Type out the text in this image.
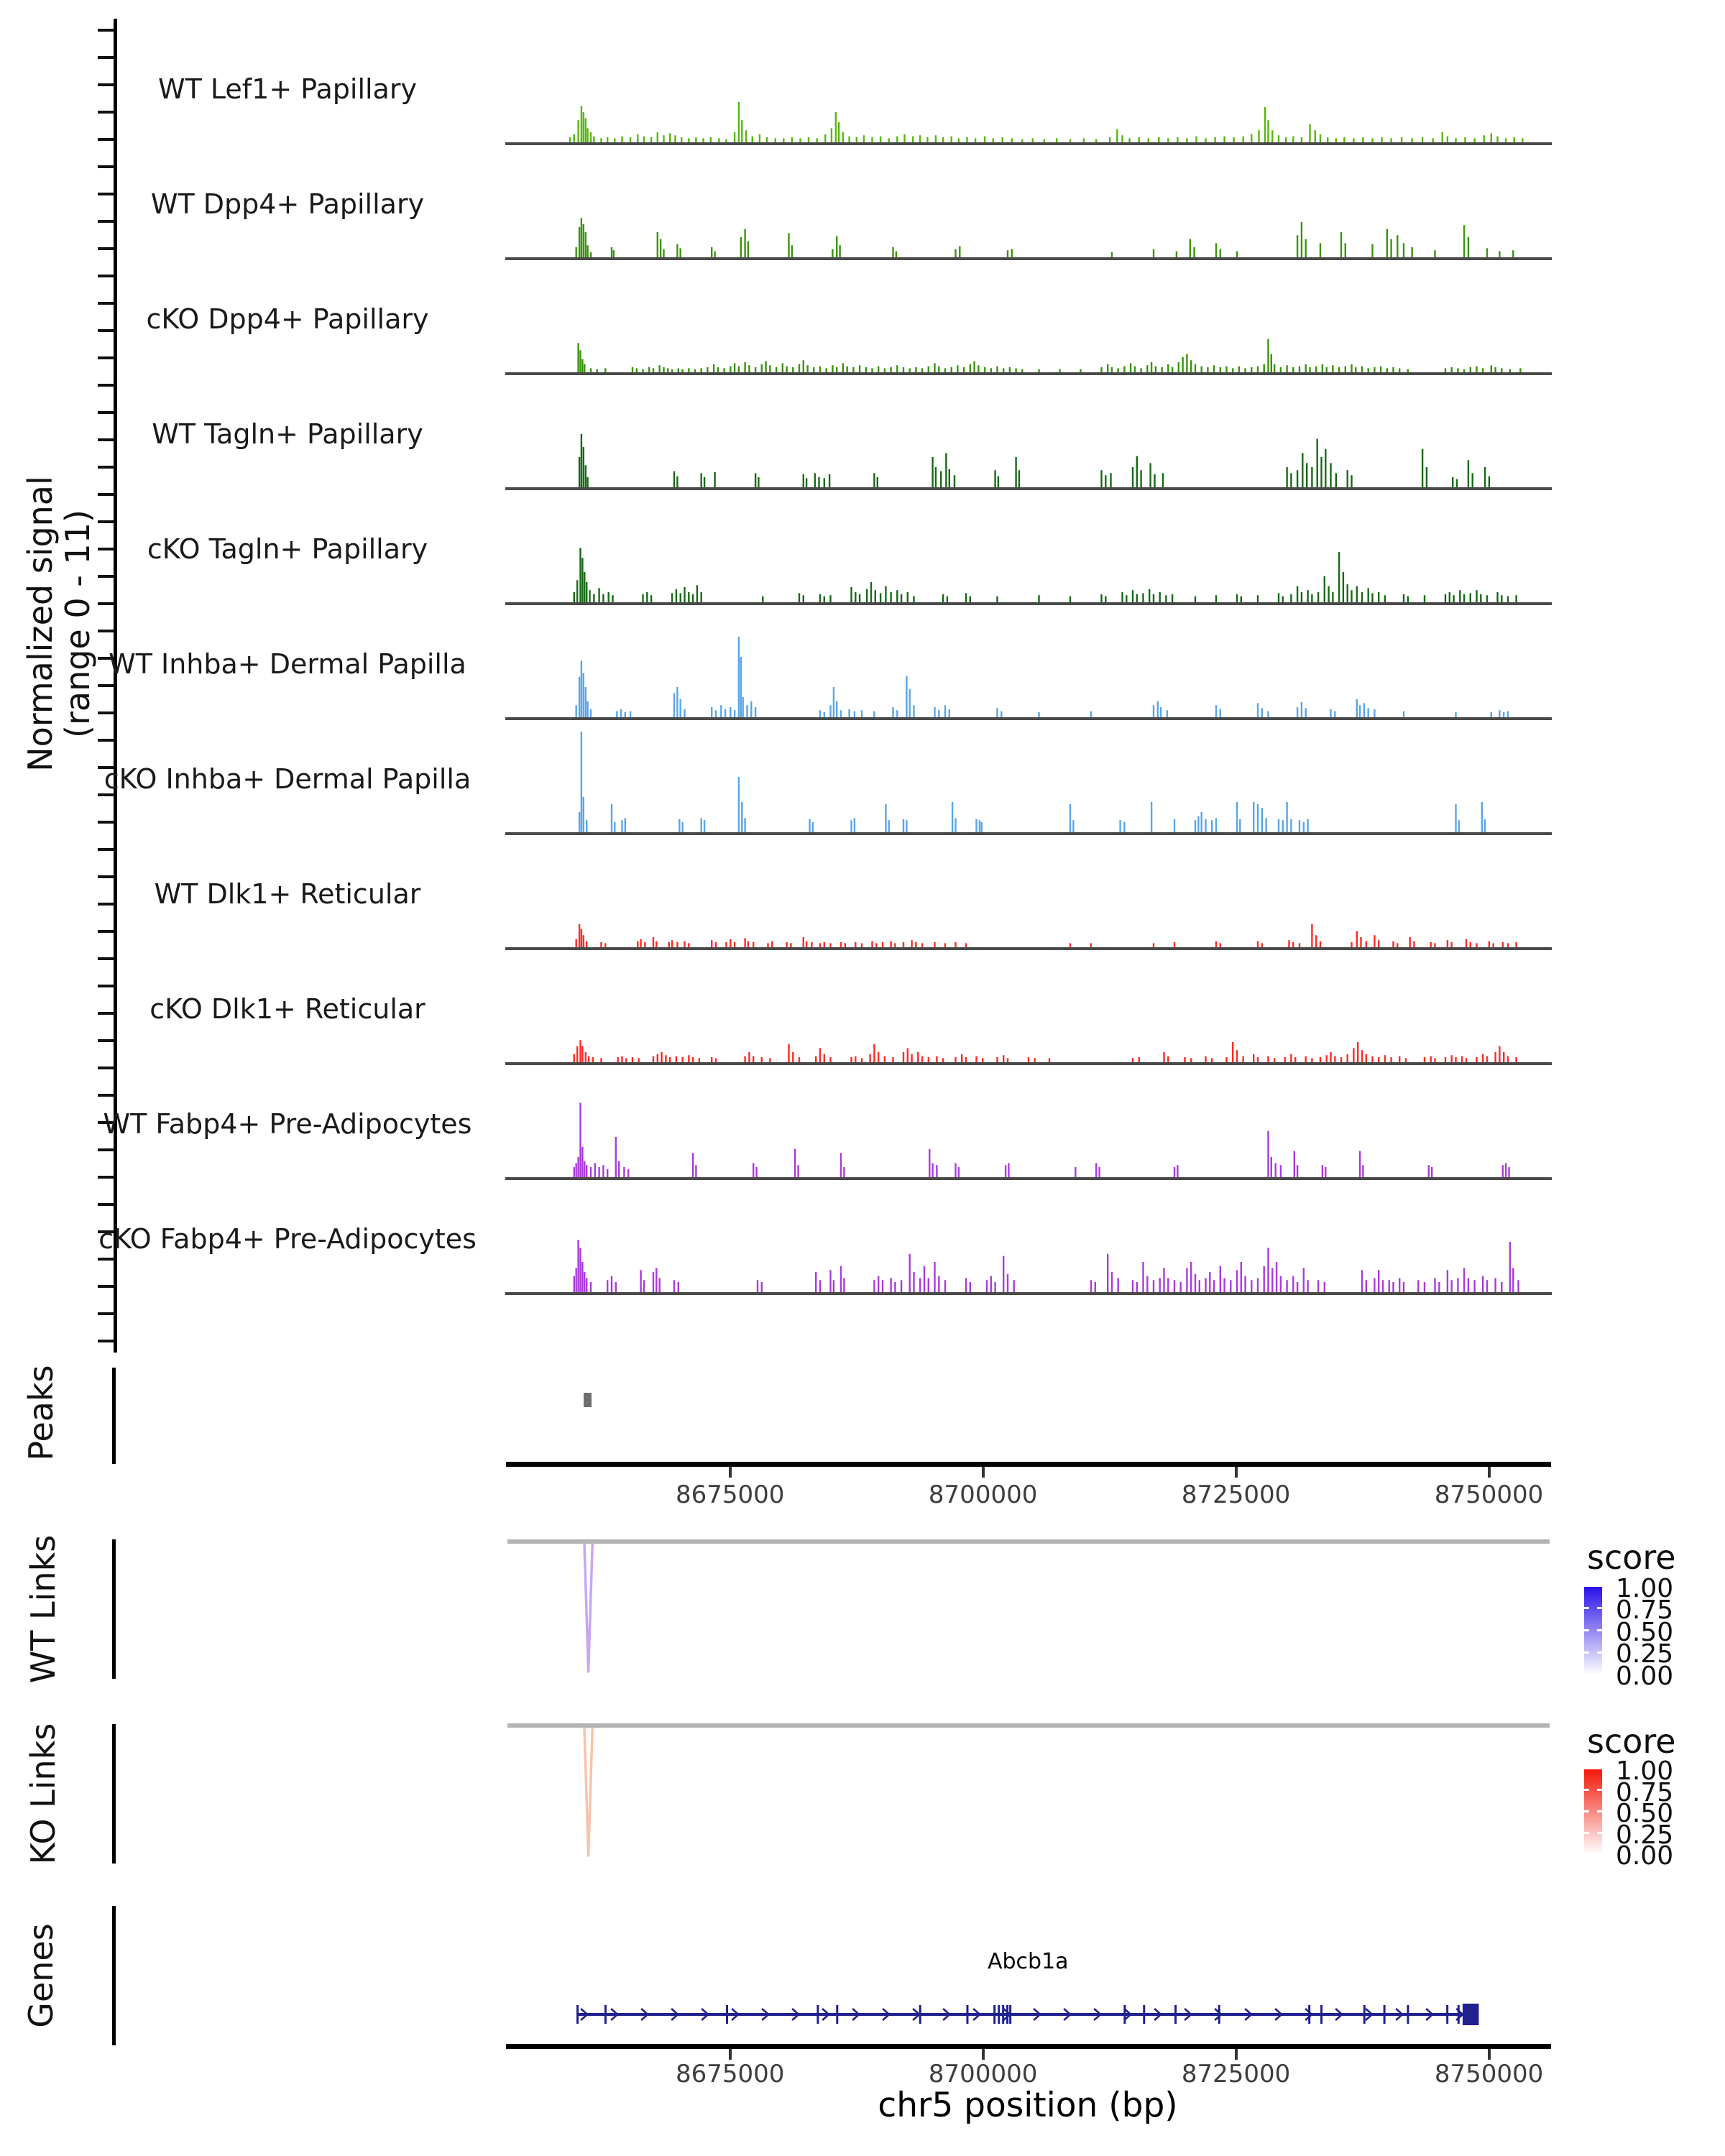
Normalized signal
(range 0 - 11)
WT Lef1+ Papillary
WT Dpp4+ Papillary
cKO Dpp4+ Papillary
WT Tagln+ Papillary
cKO Tagln+ Papillary
WT Inhba+ Dermal Papilla
cKO Inhba+ Dermal Papilla
WT Dlk1+ Reticular
cKO Dlk1+ Reticular
WT Fabp4+ Pre-Adipocytes
cKO Fabp4+ Pre-Adipocytes
Peaks
8675000	8700000	8725000	8750000
WT Links	score
1.00
0.75
0.50
0.25
0.00
KO Links	score
1.00
0.75
0.50
0.25
0.00
Genes	Abcb1a
8675000	8700000	8725000	8750000
chr5 position (bp)
